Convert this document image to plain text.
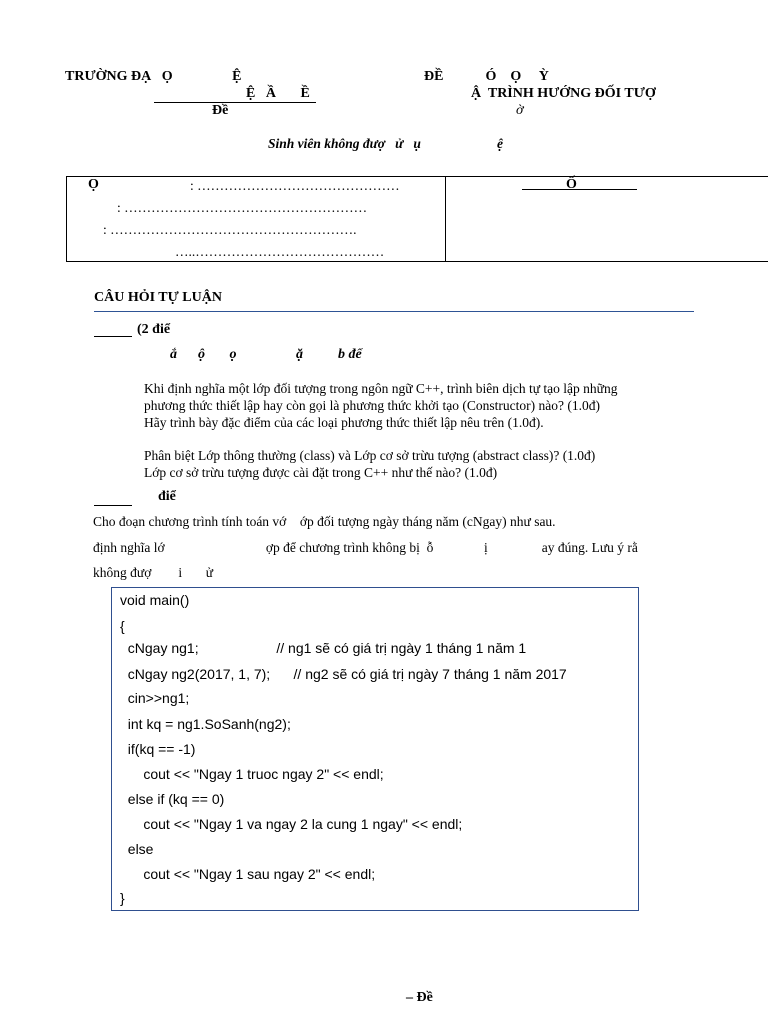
TRƯỜNG ĐẠ   Ọ                 Ệ	ĐỀ            Ó    Ọ     Ỳ
Ệ   Ầ       Ề	Ậ  TRÌNH HƯỚNG ĐỐI TƯỢ
Đề	ờ
Sinh viên không đượ   ử   ụ	ệ
Ọ	: ………………………………………
: ………………………………………………
: ……………………………………………….
…..……………………………………
Ố
CÂU HỎI TỰ LUẬN
(2 điể
ắ      ộ       ọ                 ặ          b để
Khi định nghĩa một lớp đối tượng trong ngôn ngữ C++, trình biên dịch tự tạo lập những
phương thức thiết lập hay còn gọi là phương thức khởi tạo (Constructor) nào? (1.0đ)
Hãy trình bày đặc điểm của các loại phương thức thiết lập nêu trên (1.0đ).
Phân biệt Lớp thông thường (class) và Lớp cơ sở trừu tượng (abstract class)? (1.0đ)
Lớp cơ sở trừu tượng được cài đặt trong C++ như thế nào? (1.0đ)
điể
Cho đoạn chương trình tính toán vớ    ớp đối tượng ngày tháng năm (cNgay) như sau.
định nghĩa lớ                              ợp để chương trình không bị  ỗ               ị                ay đúng. Lưu ý rằ
không đượ        i       ử
void main()
{
cNgay ng1;                    // ng1 sẽ có giá trị ngày 1 tháng 1 năm 1
cNgay ng2(2017, 1, 7);      // ng2 sẽ có giá trị ngày 7 tháng 1 năm 2017
cin>>ng1;
int kq = ng1.SoSanh(ng2);
if(kq == -1)
cout << "Ngay 1 truoc ngay 2" << endl;
else if (kq == 0)
cout << "Ngay 1 va ngay 2 la cung 1 ngay" << endl;
else
cout << "Ngay 1 sau ngay 2" << endl;
}
– Đề
